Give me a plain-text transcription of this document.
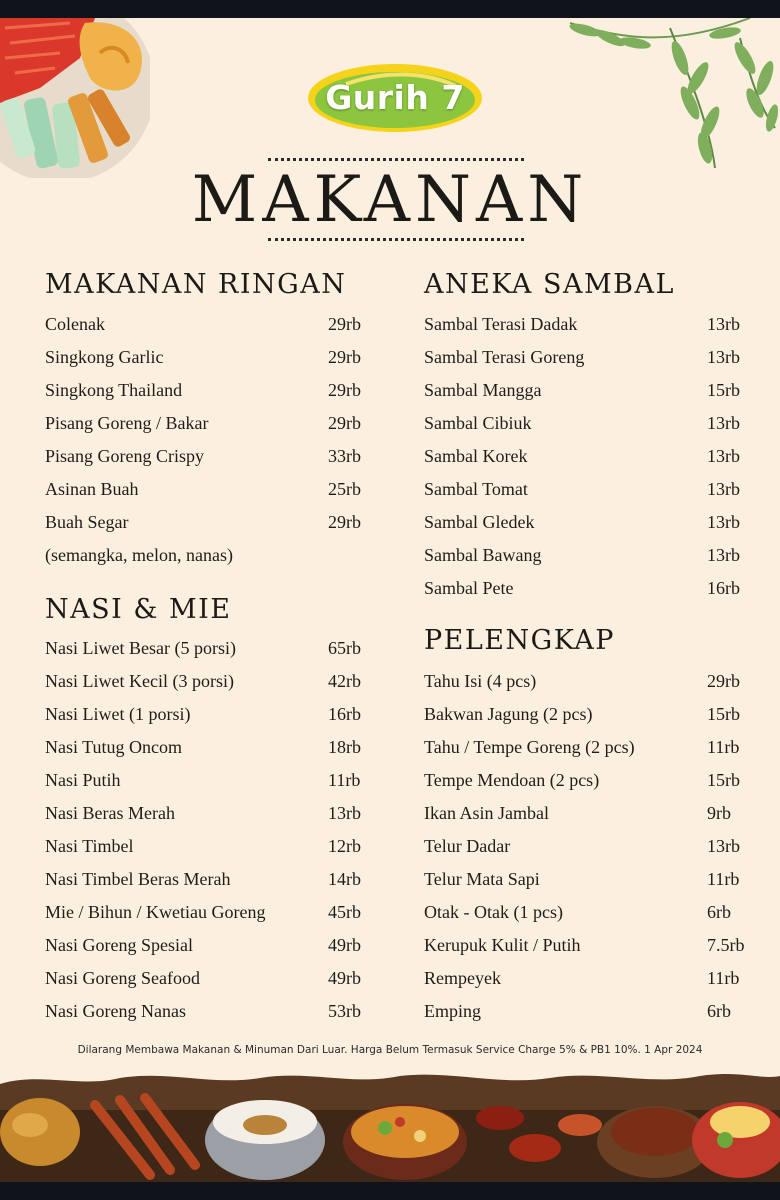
Gurih 7
MAKANAN
MAKANAN RINGAN
Colenak	29rb
Singkong Garlic	29rb
Singkong Thailand	29rb
Pisang Goreng / Bakar	29rb
Pisang Goreng Crispy	33rb
Asinan Buah	25rb
Buah Segar	29rb
(semangka, melon, nanas)
NASI & MIE
Nasi Liwet Besar (5 porsi)	65rb
Nasi Liwet Kecil (3 porsi)	42rb
Nasi Liwet (1 porsi)	16rb
Nasi Tutug Oncom	18rb
Nasi Putih	11rb
Nasi Beras Merah	13rb
Nasi Timbel	12rb
Nasi Timbel Beras Merah	14rb
Mie / Bihun / Kwetiau Goreng	45rb
Nasi Goreng Spesial	49rb
Nasi Goreng Seafood	49rb
Nasi Goreng Nanas	53rb
ANEKA SAMBAL
Sambal Terasi Dadak	13rb
Sambal Terasi Goreng	13rb
Sambal Mangga	15rb
Sambal Cibiuk	13rb
Sambal Korek	13rb
Sambal Tomat	13rb
Sambal Gledek	13rb
Sambal Bawang	13rb
Sambal Pete	16rb
PELENGKAP
Tahu Isi (4 pcs)	29rb
Bakwan Jagung (2 pcs)	15rb
Tahu / Tempe Goreng (2 pcs)	11rb
Tempe Mendoan (2 pcs)	15rb
Ikan Asin Jambal	9rb
Telur Dadar	13rb
Telur Mata Sapi	11rb
Otak - Otak (1 pcs)	6rb
Kerupuk Kulit / Putih	7.5rb
Rempeyek	11rb
Emping	6rb
Dilarang Membawa Makanan & Minuman Dari Luar. Harga Belum Termasuk Service Charge 5% & PB1 10%. 1 Apr 2024
